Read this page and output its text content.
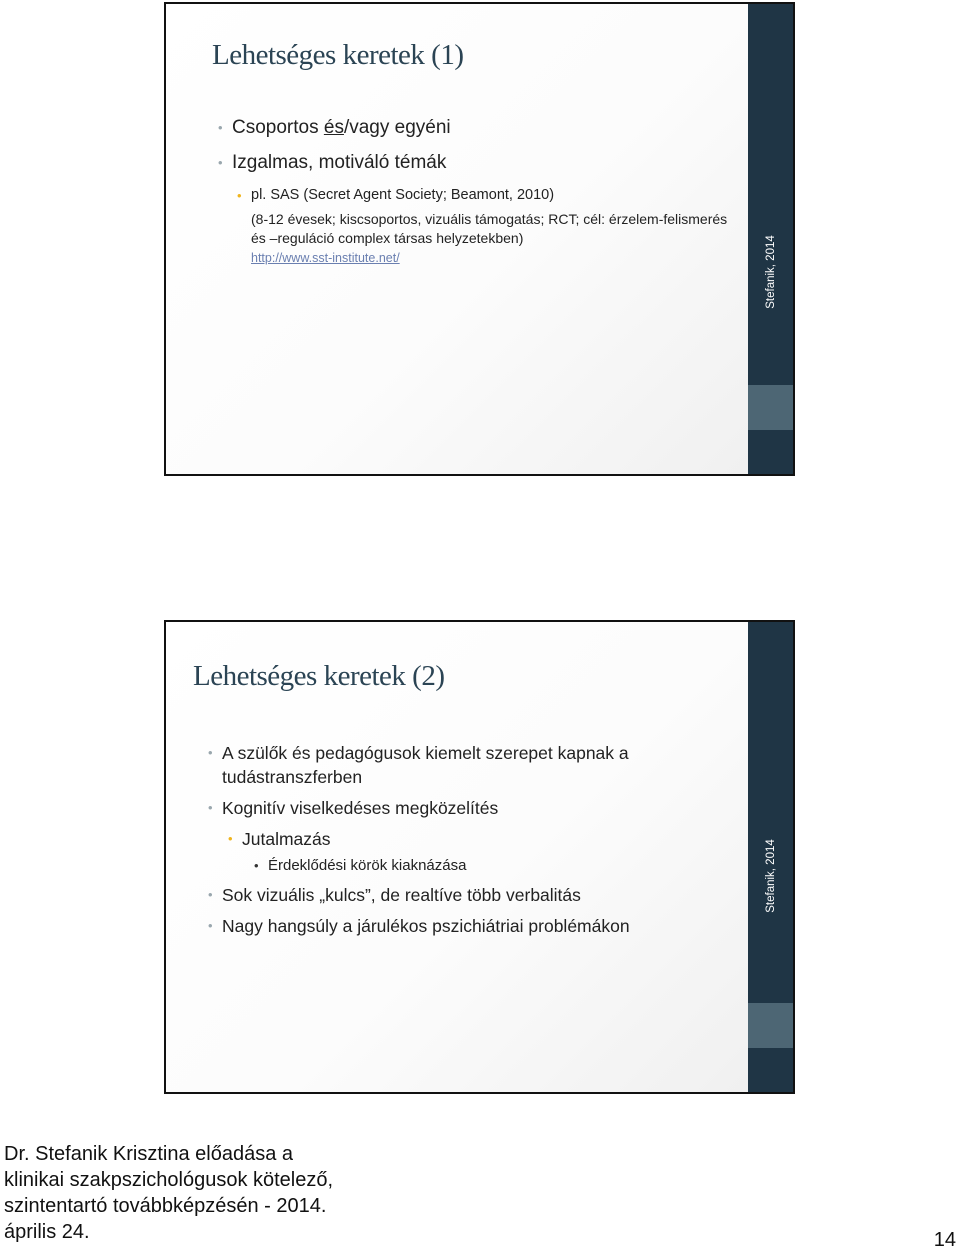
Lehetséges keretek (1)
• Csoportos és/vagy egyéni
• Izgalmas, motiváló témák
• pl. SAS (Secret Agent Society; Beamont, 2010)
(8-12 évesek; kiscsoportos, vizuális támogatás; RCT; cél: érzelem-felismerés és –reguláció complex társas helyzetekben)
http://www.sst-institute.net/	Stefanik, 2014
Lehetséges keretek (2)
• A szülők és pedagógusok kiemelt szerepet kapnak a tudástranszferben
• Kognitív viselkedéses megközelítés
• Jutalmazás
• Érdeklődési körök kiaknázása
• Sok vizuális „kulcs”, de realtíve több verbalitás
• Nagy hangsúly a járulékos pszichiátriai problémákon
Stefanik, 2014
Dr. Stefanik Krisztina előadása a
klinikai szakpszichológusok kötelező,
szintentartó továbbképzésén - 2014.
április 24.	14
